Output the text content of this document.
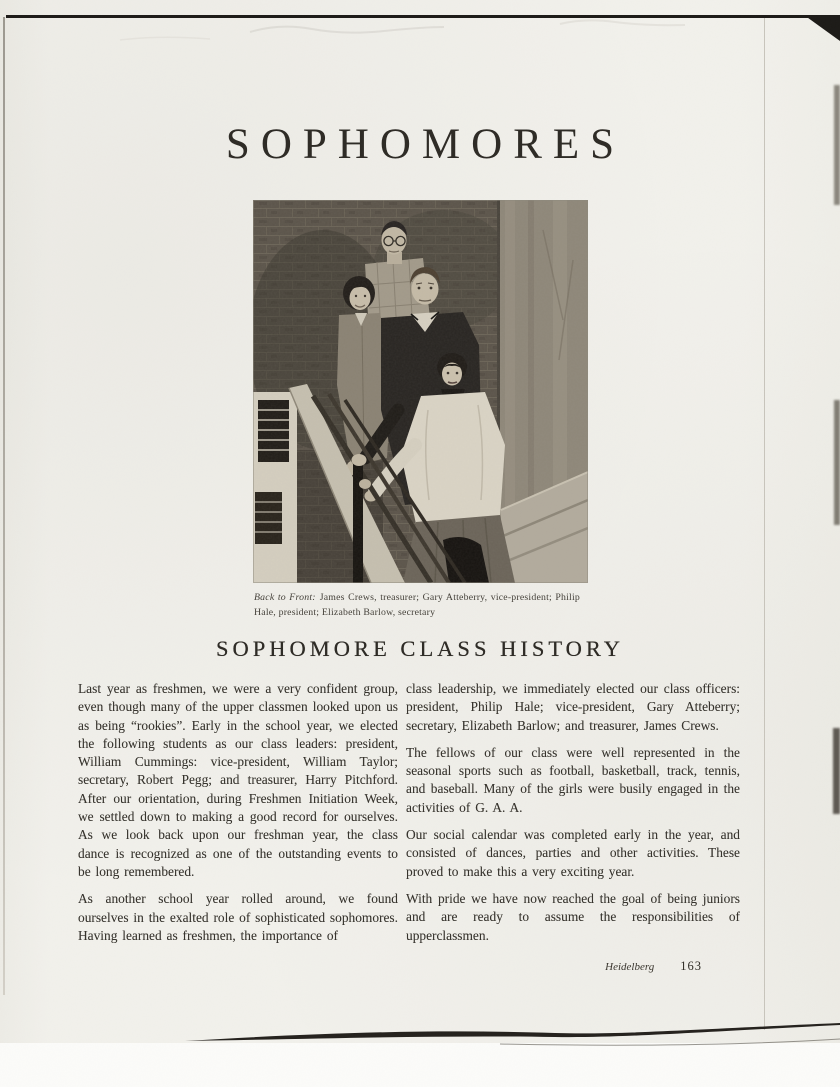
SOPHOMORES
Back to Front: James Crews, treasurer; Gary Atteberry, vice-president; Philip Hale, president; Elizabeth Barlow, secretary
SOPHOMORE CLASS HISTORY

Last year as freshmen, we were a very confident group, even though many of the upper classmen looked upon us as being “rookies”. Early in the school year, we elected the following students as our class leaders: president, William Cummings: vice-president, William Taylor; secretary, Robert Pegg; and treasurer, Harry Pitchford. After our orientation, during Freshmen Initiation Week, we settled down to making a good record for ourselves. As we look back upon our freshman year, the class dance is recognized as one of the outstanding events to be long remembered.

As another school year rolled around, we found ourselves in the exalted role of sophisticated sophomores. Having learned as freshmen, the importance of

class leadership, we immediately elected our class officers: president, Philip Hale; vice-president, Gary Atteberry; secretary, Elizabeth Barlow; and treasurer, James Crews.

The fellows of our class were well represented in the seasonal sports such as football, basketball, track, tennis, and baseball. Many of the girls were busily engaged in the activities of G. A. A.

Our social calendar was completed early in the year, and consisted of dances, parties and other activities. These proved to make this a very exciting year.

With pride we have now reached the goal of being juniors and are ready to assume the responsibilities of upperclassmen.

Heidelberg 163
